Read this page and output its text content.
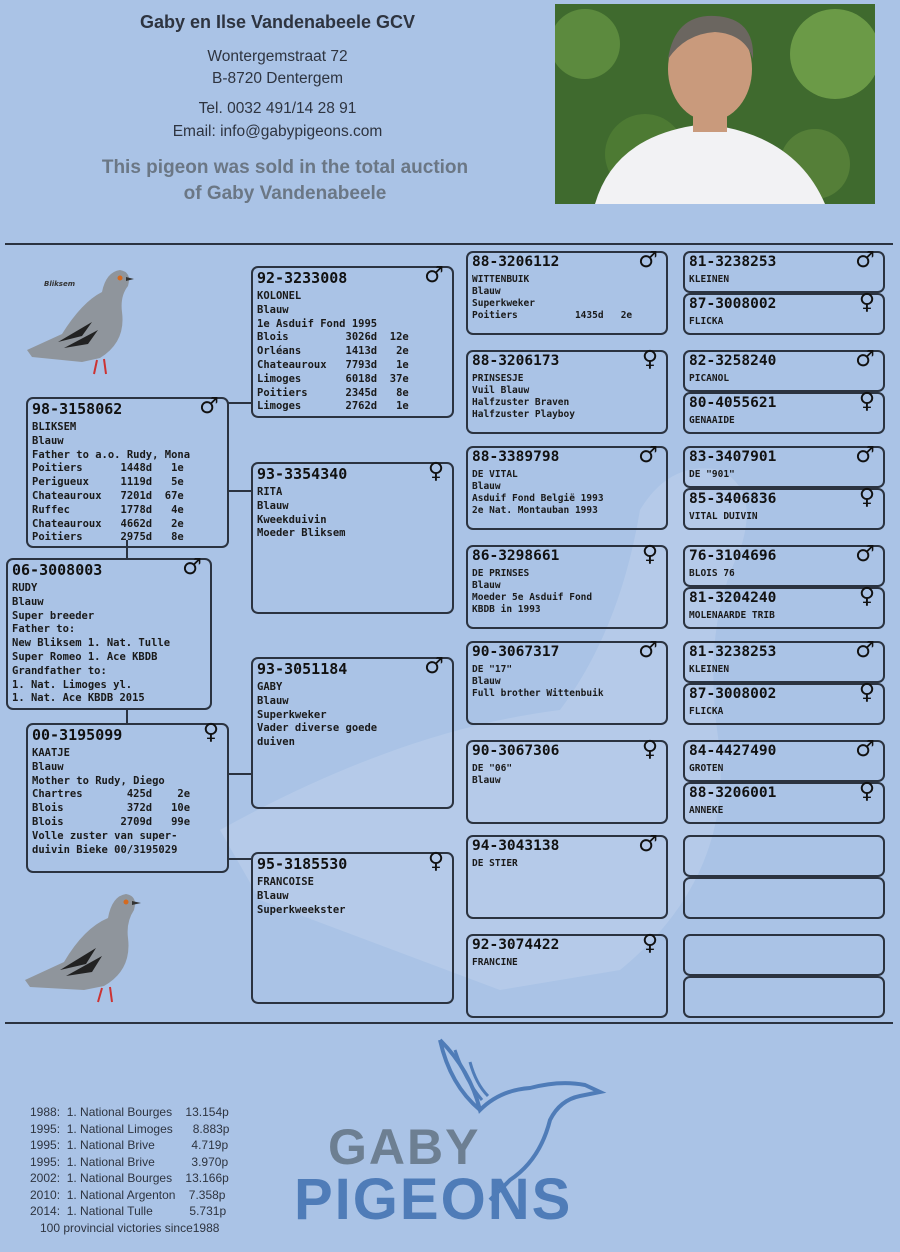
Gaby en Ilse Vandenabeele GCV
Wontergemstraat 72
B-8720 Dentergem
Tel. 0032 491/14 28 91
Email: info@gabypigeons.com
This pigeon was sold in the total auction
of Gaby Vandenabeele
Bliksem
06-3008003	♂
RUDY
Blauw
Super breeder
Father to:
New Bliksem 1. Nat. Tulle
Super Romeo 1. Ace KBDB
Grandfather to:
1. Nat. Limoges yl.
1. Nat. Ace KBDB 2015
98-3158062	♂
BLIKSEM
Blauw
Father to a.o. Rudy, Mona
Poitiers      1448d   1e
Perigueux     1119d   5e
Chateauroux   7201d  67e
Ruffec        1778d   4e
Chateauroux   4662d   2e
Poitiers      2975d   8e
00-3195099	♀
KAATJE
Blauw
Mother to Rudy, Diego
Chartres       425d    2e
Blois          372d   10e
Blois         2709d   99e
Volle zuster van super-
duivin Bieke 00/3195029
92-3233008	♂
KOLONEL
Blauw
1e Asduif Fond 1995
Blois         3026d  12e
Orléans       1413d   2e
Chateauroux   7793d   1e
Limoges       6018d  37e
Poitiers      2345d   8e
Limoges       2762d   1e
93-3354340	♀
RITA
Blauw
Kweekduivin
Moeder Bliksem
93-3051184	♂
GABY
Blauw
Superkweker
Vader diverse goede
duiven
95-3185530	♀
FRANCOISE
Blauw
Superkweekster
88-3206112	♂
WITTENBUIK
Blauw
Superkweker
Poitiers          1435d   2e
88-3206173	♀
PRINSESJE
Vuil Blauw
Halfzuster Braven
Halfzuster Playboy
88-3389798	♂
DE VITAL
Blauw
Asduif Fond België 1993
2e Nat. Montauban 1993
86-3298661	♀
DE PRINSES
Blauw
Moeder 5e Asduif Fond
KBDB in 1993
90-3067317	♂
DE "17"
Blauw
Full brother Wittenbuik
90-3067306	♀
DE "06"
Blauw
94-3043138	♂
DE STIER
92-3074422	♀
FRANCINE
81-3238253	♂
KLEINEN
87-3008002	♀
FLICKA
82-3258240	♂
PICANOL
80-4055621	♀
GENAAIDE
83-3407901	♂
DE "901"
85-3406836	♀
VITAL DUIVIN
76-3104696	♂
BLOIS 76
81-3204240	♀
MOLENAARDE TRIB
81-3238253	♂
KLEINEN
87-3008002	♀
FLICKA
84-4427490	♂
GROTEN
88-3206001	♀
ANNEKE
1988:  1. National Bourges    13.154p
1995:  1. National Limoges      8.883p
1995:  1. National Brive           4.719p
1995:  1. National Brive           3.970p
2002:  1. National Bourges    13.166p
2010:  1. National Argenton    7.358p
2014:  1. National Tulle           5.731p
100 provincial victories since1988
GABY
PIGEONS
